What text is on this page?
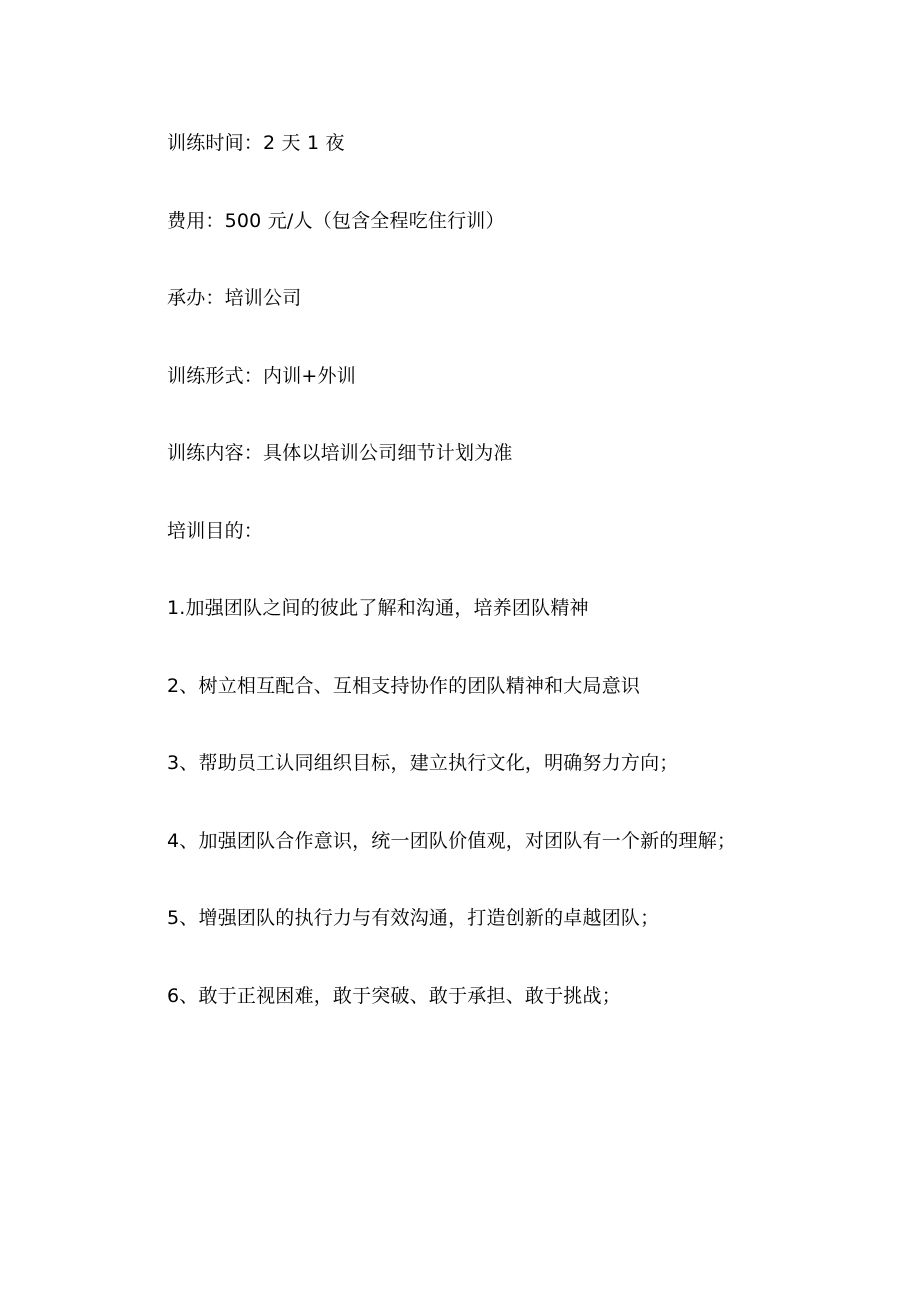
训练时间：2 天 1 夜
费用：500 元/人（包含全程吃住行训）
承办：培训公司
训练形式：内训+外训
训练内容：具体以培训公司细节计划为准
培训目的：
1.加强团队之间的彼此了解和沟通，培养团队精神
2、树立相互配合、互相支持协作的团队精神和大局意识
3、帮助员工认同组织目标，建立执行文化，明确努力方向；
4、加强团队合作意识，统一团队价值观，对团队有一个新的理解；
5、增强团队的执行力与有效沟通，打造创新的卓越团队；
6、敢于正视困难，敢于突破、敢于承担、敢于挑战；
